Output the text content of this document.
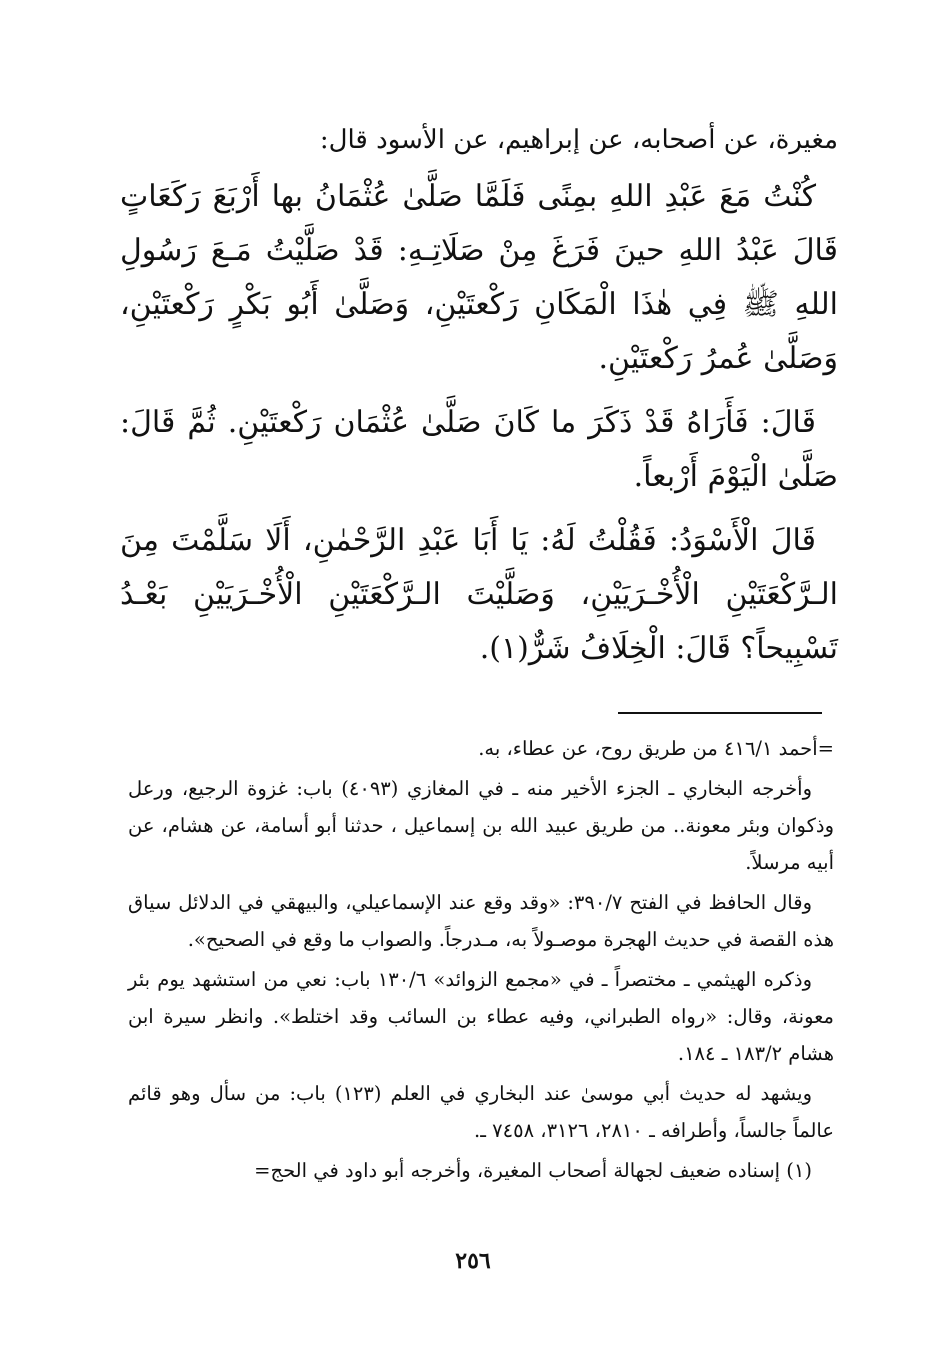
مغيرة، عن أصحابه، عن إبراهيم، عن الأسود قال:

كُنْتُ مَعَ عَبْدِ اللهِ بمِنًى فَلَمَّا صَلَّىٰ عُثْمَانُ بها أَرْبَعَ رَكَعَاتٍ قَالَ عَبْدُ اللهِ حينَ فَرَغَ مِنْ صَلَاتِـهِ: قَدْ صَلَّيْتُ مَـعَ رَسُولِ اللهِ ﷺ فِي هٰذَا الْمَكَانِ رَكْعتَيْنِ، وَصَلَّىٰ أَبُو بَكْرٍ رَكْعتَيْنِ، وَصَلَّىٰ عُمرُ رَكْعتَيْنِ.

قَالَ: فَأَرَاهُ قَدْ ذَكَرَ ما كَانَ صَلَّىٰ عُثْمَان رَكْعتَيْنِ. ثُمَّ قَالَ: صَلَّىٰ الْيَوْمَ أَرْبعاً.

قَالَ الْأَسْوَدُ: فَقُلْتُ لَهُ: يَا أَبَا عَبْدِ الرَّحْمٰنِ، أَلَا سَلَّمْتَ مِنَ الـرَّكْعَتَيْنِ الْأُخْـرَيَيْنِ، وَصَلَّيْتَ الـرَّكْعَتَيْنِ الْأُخْـرَيَيْنِ بَعْـدُ تَسْبِيحاً؟ قَالَ: الْخِلَافُ شَرٌّ(١).

=أحمد ٤١٦/١ من طريق روح، عن عطاء، به.

وأخرجه البخاري ـ الجزء الأخير منه ـ في المغازي (٤٠٩٣) باب: غزوة الرجيع، ورعل وذكوان وبئر معونة.. من طريق عبيد الله بن إسماعيل ، حدثنا أبو أسامة، عن هشام، عن أبيه مرسلاً.

وقال الحافظ في الفتح ٣٩٠/٧: «وقد وقع عند الإسماعيلي، والبيهقي في الدلائل سياق هذه القصة في حديث الهجرة موصـولاً به، مـدرجاً. والصواب ما وقع في الصحيح».

وذكره الهيثمي ـ مختصراً ـ في «مجمع الزوائد» ١٣٠/٦ باب: نعي من استشهد يوم بئر معونة، وقال: «رواه الطبراني، وفيه عطاء بن السائب وقد اختلط». وانظر سيرة ابن هشام ١٨٣/٢ ـ ١٨٤.

ويشهد له حديث أبي موسىٰ عند البخاري في العلم (١٢٣) باب: من سأل وهو قائم عالماً جالساً، وأطرافه ـ ٢٨١٠، ٣١٢٦، ٧٤٥٨ ـ.

(١) إسناده ضعيف لجهالة أصحاب المغيرة، وأخرجه أبو داود في الحج=

٢٥٦
